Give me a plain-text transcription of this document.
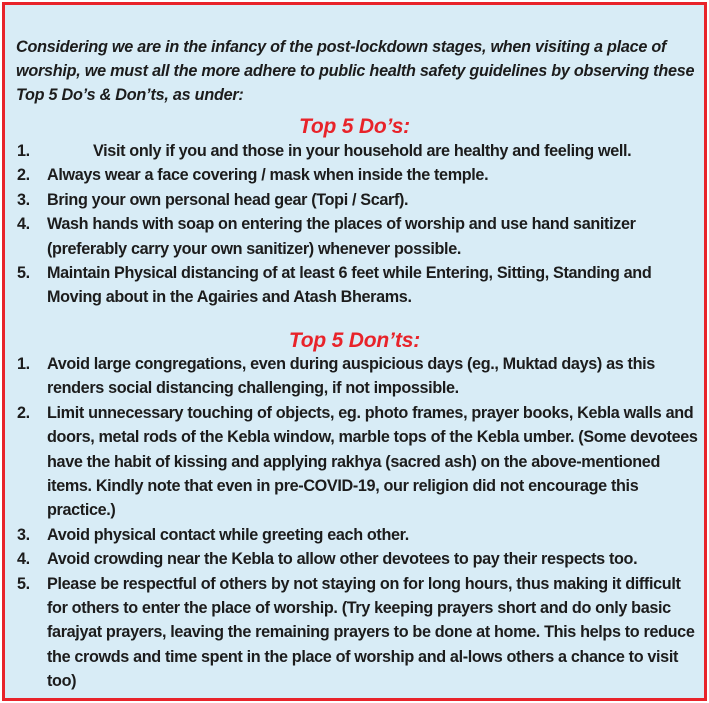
Considering we are in the infancy of the post-lockdown stages, when visiting a place of worship, we must all the more adhere to public health safety guidelines by observing these Top 5 Do’s & Don’ts, as under:

Top 5 Do’s:
1.	Visit only if you and those in your household are healthy and feeling well.
2. Always wear a face covering / mask when inside the temple.
3. Bring your own personal head gear (Topi / Scarf).
4. Wash hands with soap on entering the places of worship and use hand sanitizer (preferably carry your own sanitizer) whenever possible.
5. Maintain Physical distancing of at least 6 feet while Entering, Sitting, Standing and Moving about in the Agairies and Atash Bherams.
Top 5 Don’ts:
1. Avoid large congregations, even during auspicious days (eg., Muktad days) as this renders social distancing challenging, if not impossible.
2. Limit unnecessary touching of objects, eg. photo frames, prayer books, Kebla walls and doors, metal rods of the Kebla window, marble tops of the Kebla umber. (Some devotees have the habit of kissing and applying rakhya (sacred ash) on the above-mentioned items. Kindly note that even in pre-COVID-19, our religion did not encourage this practice.)
3. Avoid physical contact while greeting each other.
4. Avoid crowding near the Kebla to allow other devotees to pay their respects too.
5. Please be respectful of others by not staying on for long hours, thus making it difficult for others to enter the place of worship. (Try keeping prayers short and do only basic farajyat prayers, leaving the remaining prayers to be done at home. This helps to reduce the crowds and time spent in the place of worship and al-lows others a chance to visit too)
